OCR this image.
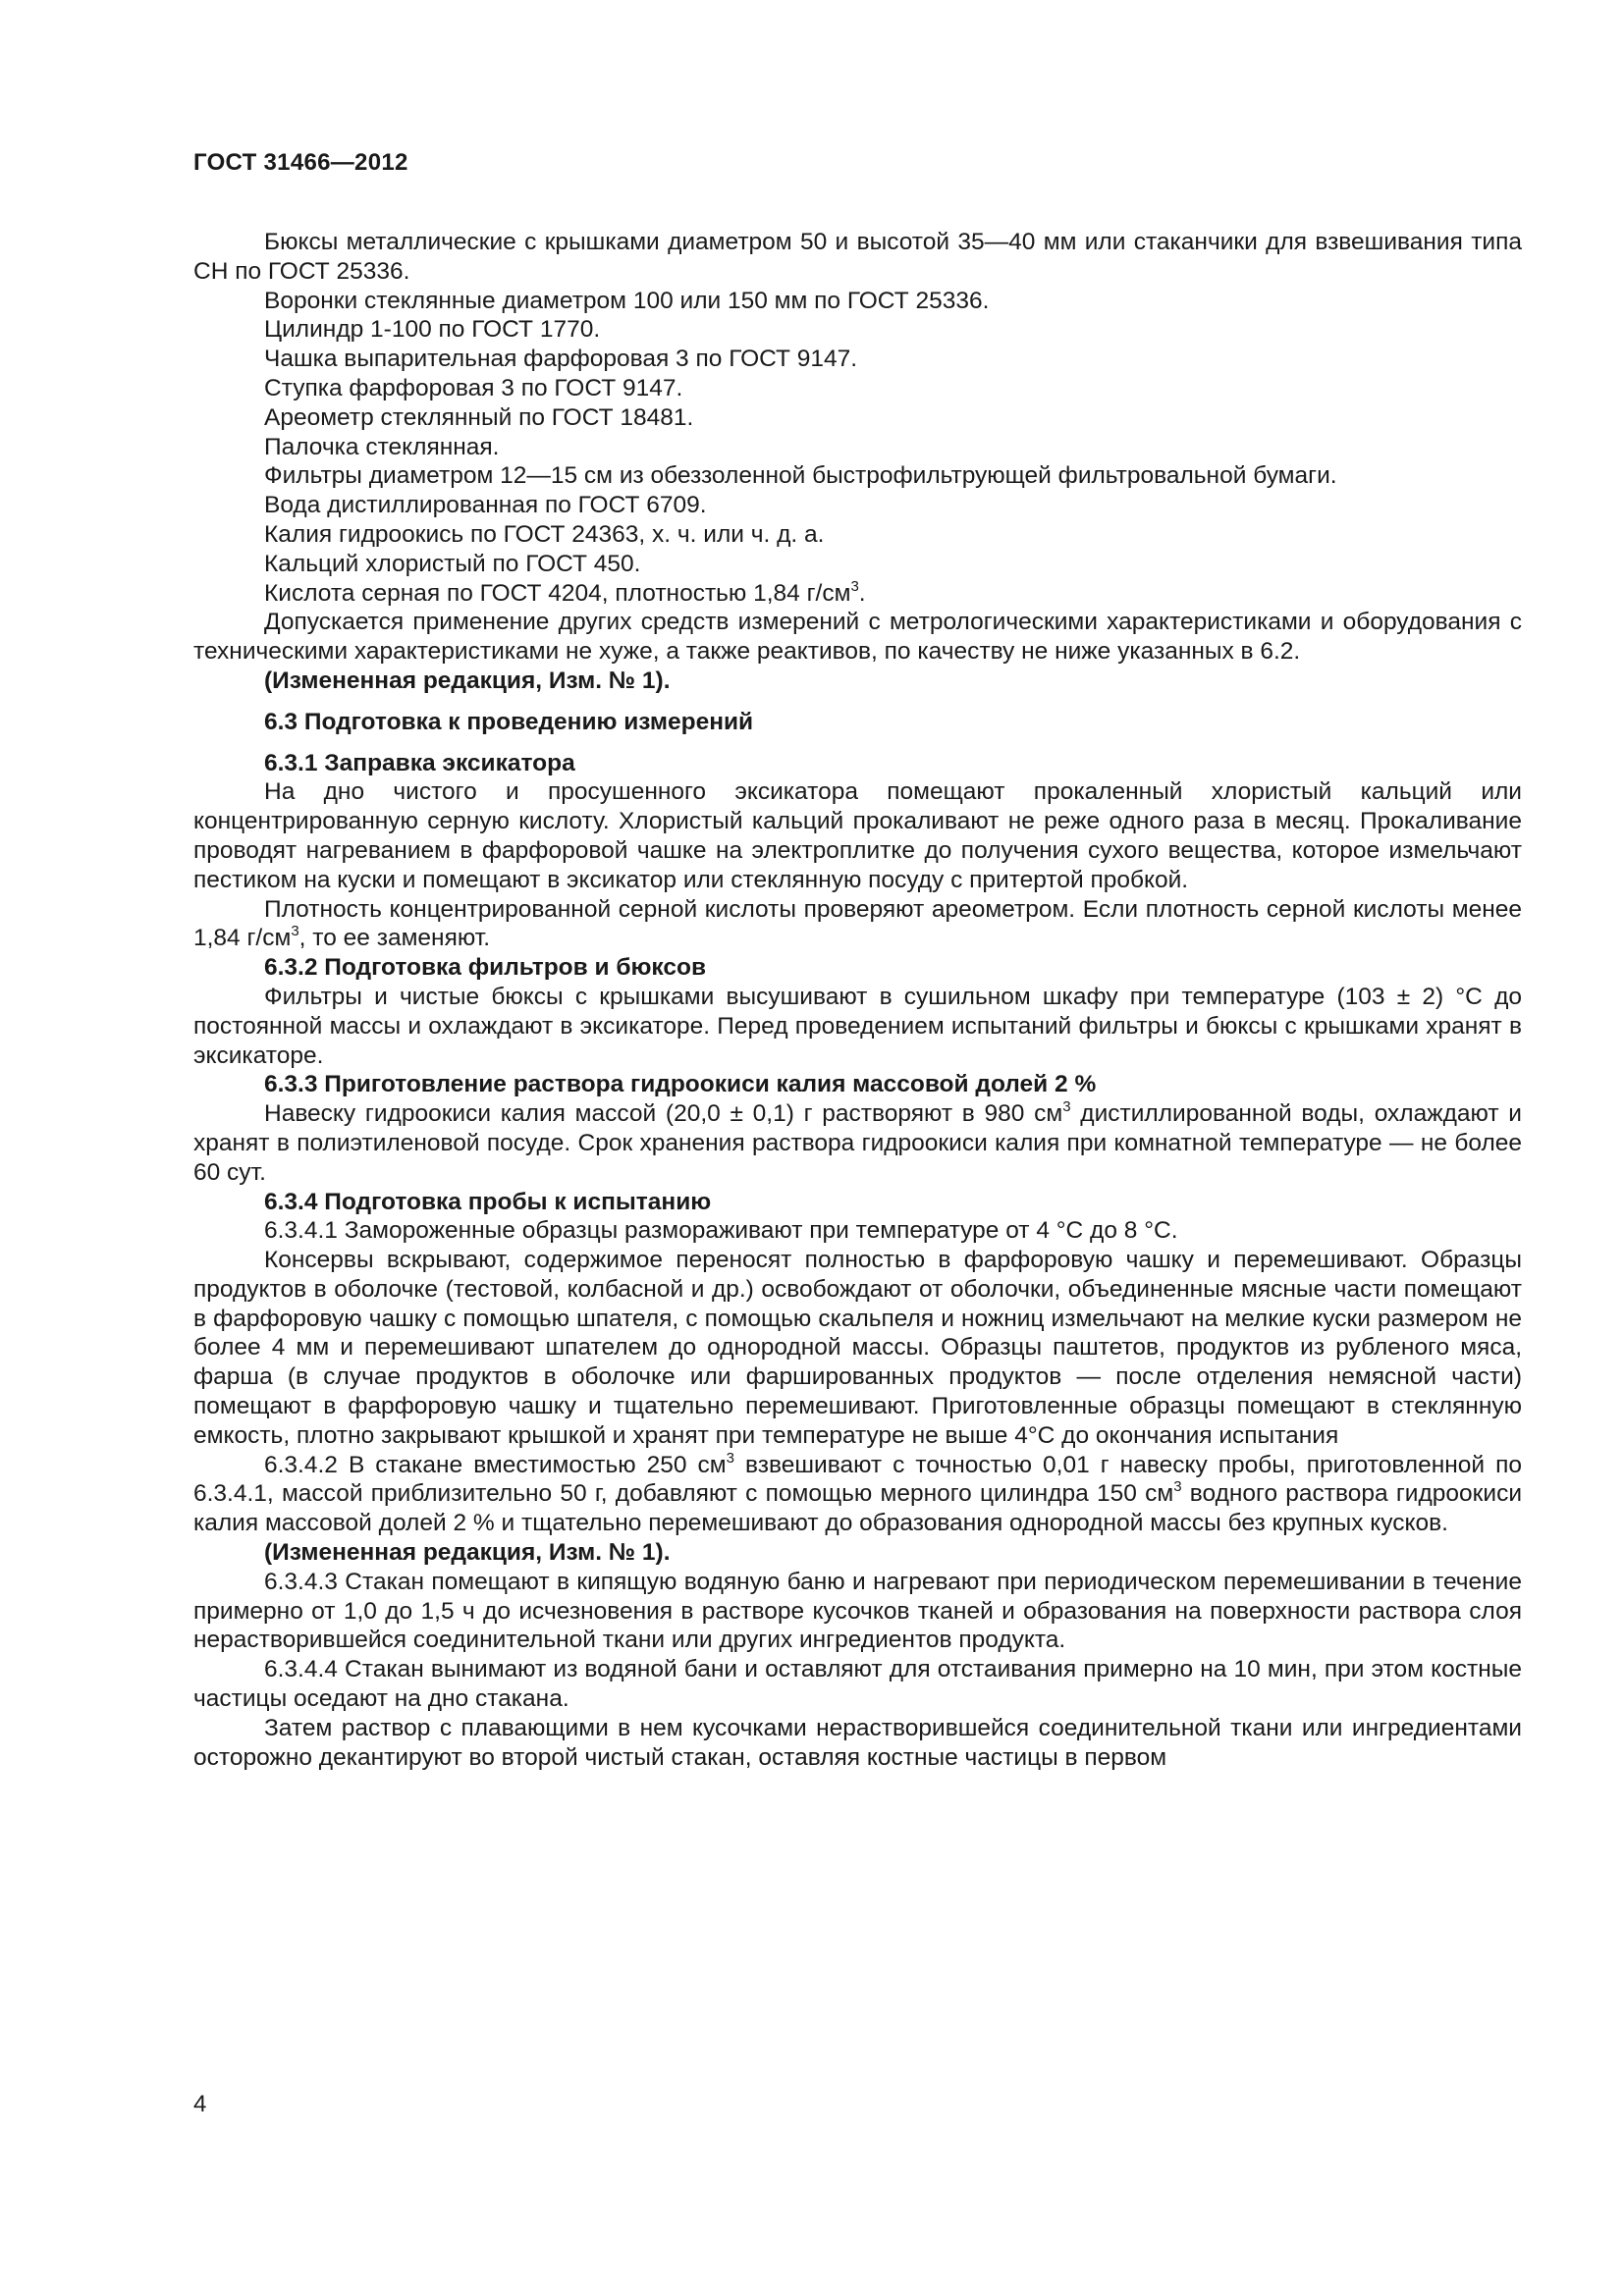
ГОСТ 31466—2012
Бюксы металлические с крышками диаметром 50 и высотой 35—40 мм или стаканчики для взвешивания типа СН по ГОСТ 25336.
Воронки стеклянные диаметром 100 или 150 мм по ГОСТ 25336.
Цилиндр 1-100 по ГОСТ 1770.
Чашка выпарительная фарфоровая 3 по ГОСТ 9147.
Ступка фарфоровая 3 по ГОСТ 9147.
Ареометр стеклянный по ГОСТ 18481.
Палочка стеклянная.
Фильтры диаметром 12—15 см из обеззоленной быстрофильтрующей фильтровальной бумаги.
Вода дистиллированная по ГОСТ 6709.
Калия гидроокись по ГОСТ 24363, х. ч. или ч. д. а.
Кальций хлористый по ГОСТ 450.
Кислота серная по ГОСТ 4204, плотностью 1,84 $г/см^3$.
Допускается применение других средств измерений с метрологическими характеристиками и оборудования с техническими характеристиками не хуже, а также реактивов, по качеству не ниже указанных в 6.2.
(Измененная редакция, Изм. № 1).
6.3 Подготовка к проведению измерений
6.3.1 Заправка эксикатора
На дно чистого и просушенного эксикатора помещают прокаленный хлористый кальций или концентрированную серную кислоту. Хлористый кальций прокаливают не реже одного раза в месяц. Прокаливание проводят нагреванием в фарфоровой чашке на электроплитке до получения сухого вещества, которое измельчают пестиком на куски и помещают в эксикатор или стеклянную посуду с притертой пробкой.
Плотность концентрированной серной кислоты проверяют ареометром. Если плотность серной кислоты менее 1,84 $г/см^3$, то ее заменяют.
6.3.2 Подготовка фильтров и бюксов
Фильтры и чистые бюксы с крышками высушивают в сушильном шкафу при температуре (103 ± 2) °С до постоянной массы и охлаждают в эксикаторе. Перед проведением испытаний фильтры и бюксы с крышками хранят в эксикаторе.
6.3.3 Приготовление раствора гидроокиси калия массовой долей 2 %
Навеску гидроокиси калия массой (20,0 ± 0,1) г растворяют в 980 $см^3$ дистиллированной воды, охлаждают и хранят в полиэтиленовой посуде. Срок хранения раствора гидроокиси калия при комнатной температуре — не более 60 сут.
6.3.4 Подготовка пробы к испытанию
6.3.4.1 Замороженные образцы размораживают при температуре от 4 °С до 8 °С.
Консервы вскрывают, содержимое переносят полностью в фарфоровую чашку и перемешивают. Образцы продуктов в оболочке (тестовой, колбасной и др.) освобождают от оболочки, объединенные мясные части помещают в фарфоровую чашку с помощью шпателя, с помощью скальпеля и ножниц измельчают на мелкие куски размером не более 4 мм и перемешивают шпателем до однородной массы. Образцы паштетов, продуктов из рубленого мяса, фарша (в случае продуктов в оболочке или фаршированных продуктов — после отделения немясной части) помещают в фарфоровую чашку и тщательно перемешивают. Приготовленные образцы помещают в стеклянную емкость, плотно закрывают крышкой и хранят при температуре не выше 4°С до окончания испытания
6.3.4.2 В стакане вместимостью 250 $см^3$ взвешивают с точностью 0,01 г навеску пробы, приготовленной по 6.3.4.1, массой приблизительно 50 г, добавляют с помощью мерного цилиндра 150 $см^3$ водного раствора гидроокиси калия массовой долей 2 % и тщательно перемешивают до образования однородной массы без крупных кусков.
(Измененная редакция, Изм. № 1).
6.3.4.3 Стакан помещают в кипящую водяную баню и нагревают при периодическом перемешивании в течение примерно от 1,0 до 1,5 ч до исчезновения в растворе кусочков тканей и образования на поверхности раствора слоя нерастворившейся соединительной ткани или других ингредиентов продукта.
6.3.4.4 Стакан вынимают из водяной бани и оставляют для отстаивания примерно на 10 мин, при этом костные частицы оседают на дно стакана.
Затем раствор с плавающими в нем кусочками нерастворившейся соединительной ткани или ингредиентами осторожно декантируют во второй чистый стакан, оставляя костные частицы в первом
4
